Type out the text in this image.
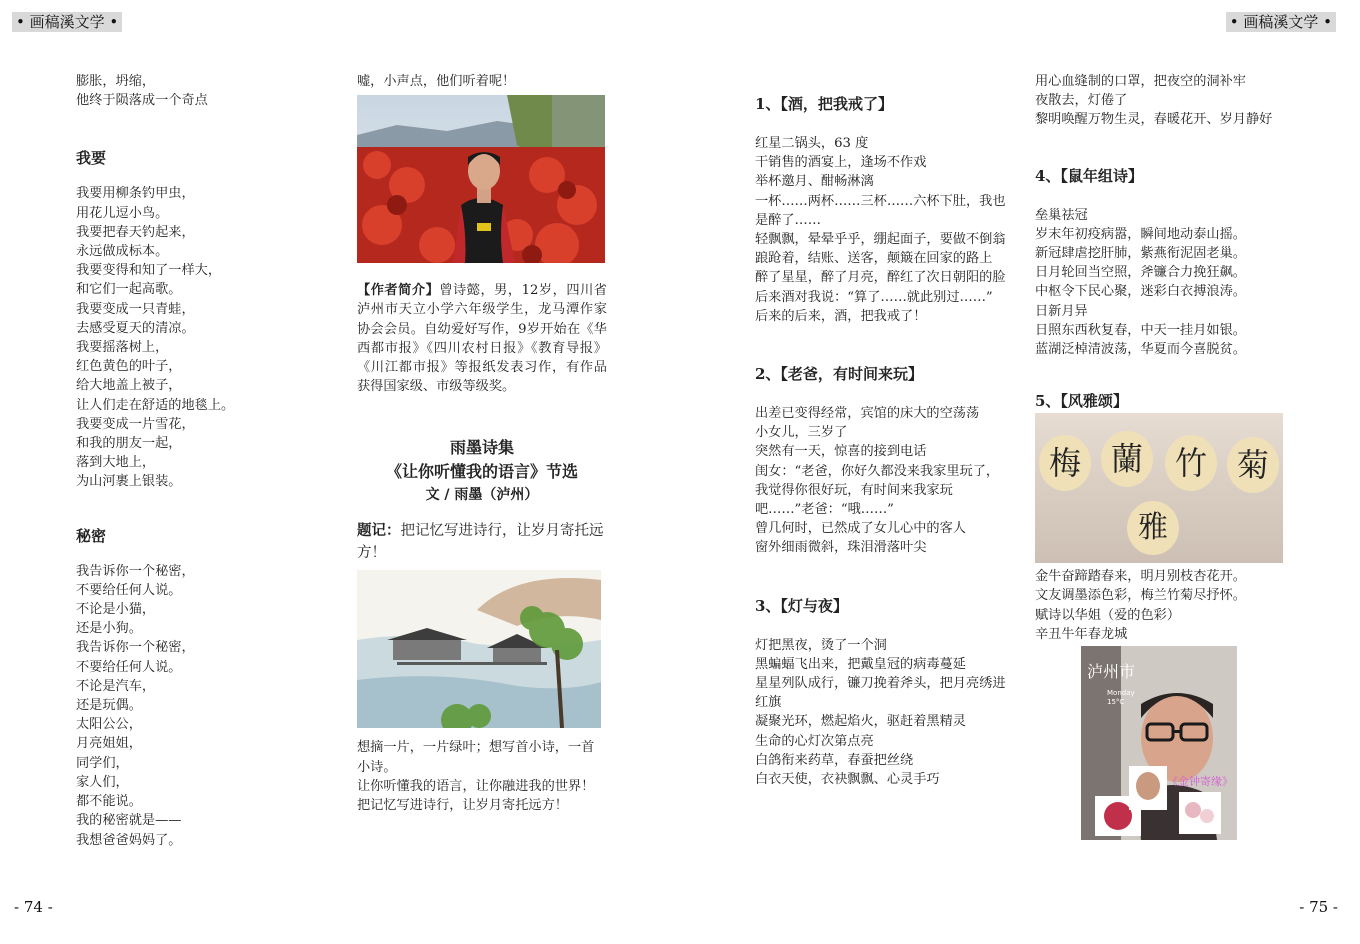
• 画稿溪文学 •	• 画稿溪文学 •

膨胀，坍缩，

他终于陨落成一个奇点

我要

我要用柳条钓甲虫，

用花儿逗小鸟。

我要把春天钓起来，

永远做成标本。

我要变得和知了一样大，

和它们一起高歌。

我要变成一只青蛙，

去感受夏天的清凉。

我要摇落树上，

红色黄色的叶子，

给大地盖上被子，

让人们走在舒适的地毯上。

我要变成一片雪花，

和我的朋友一起，

落到大地上，

为山河裹上银装。

秘密

我告诉你一个秘密，

不要给任何人说。

不论是小猫，

还是小狗。

我告诉你一个秘密，

不要给任何人说。

不论是汽车，

还是玩偶。

太阳公公，

月亮姐姐，

同学们，

家人们，

都不能说。

我的秘密就是——

我想爸爸妈妈了。

嘘，小声点，他们听着呢！

【作者简介】曾诗懿，男，12岁，四川省泸州市天立小学六年级学生，龙马潭作家协会会员。自幼爱好写作，9岁开始在《华西都市报》《四川农村日报》《教育导报》《川江都市报》等报纸发表习作，有作品获得国家级、市级等级奖。

雨墨诗集
《让你听懂我的语言》节选
文 / 雨墨（泸州）

题记：把记忆写进诗行，让岁月寄托远方！

想摘一片，一片绿叶；想写首小诗，一首小诗。

让你听懂我的语言，让你融进我的世界！

把记忆写进诗行，让岁月寄托远方！

1、【酒，把我戒了】

红星二锅头，63 度

干销售的酒宴上，逢场不作戏

举杯邀月、酣畅淋漓

一杯……两杯……三杯……六杯下肚，我也是醉了……

轻飘飘，晕晕乎乎，绷起面子，要做不倒翁

踉跄着，结账、送客，颠簸在回家的路上

醉了星星，醉了月亮，醉红了次日朝阳的脸

后来酒对我说：“算了……就此别过……”

后来的后来，酒，把我戒了！

2、【老爸，有时间来玩】

出差已变得经常，宾馆的床大的空荡荡

小女儿，三岁了

突然有一天，惊喜的接到电话

闺女：“老爸，你好久都没来我家里玩了，我觉得你很好玩，有时间来我家玩吧……”老爸：“哦……”

曾几何时，已然成了女儿心中的客人

窗外细雨微斜，珠泪滑落叶尖

3、【灯与夜】

灯把黑夜，烫了一个洞

黑蝙蝠飞出来，把戴皇冠的病毒蔓延

星星列队成行，镰刀挽着斧头，把月亮绣进红旗

凝聚光环，燃起焰火，驱赶着黑精灵

生命的心灯次第点亮

白鸽衔来药草，春蚕把丝绕

白衣天使，衣袂飘飘、心灵手巧

用心血缝制的口罩，把夜空的洞补牢

夜散去，灯倦了

黎明唤醒万物生灵，春暖花开、岁月静好

4、【鼠年组诗】

垒巢祛冠

岁末年初疫病嚣，瞬间地动泰山摇。

新冠肆虐挖肝肺，紫燕衔泥固老巢。

日月轮回当空照，斧镰合力挽狂飙。

中枢令下民心聚，迷彩白衣搏浪涛。

日新月异

日照东西秋复春，中天一挂月如银。

蓝湖泛棹清波荡，华夏而今喜脱贫。

5、【风雅颂】
梅 蘭 竹 菊
雅

金牛奋蹄踏春来，明月别枝杏花开。

文友调墨添色彩，梅兰竹菊尽抒怀。

赋诗以华姐（爱的色彩）

辛丑牛年春龙城

泸州市
Monday
15°C
《金钟寄缘》
- 74 -	- 75 -
